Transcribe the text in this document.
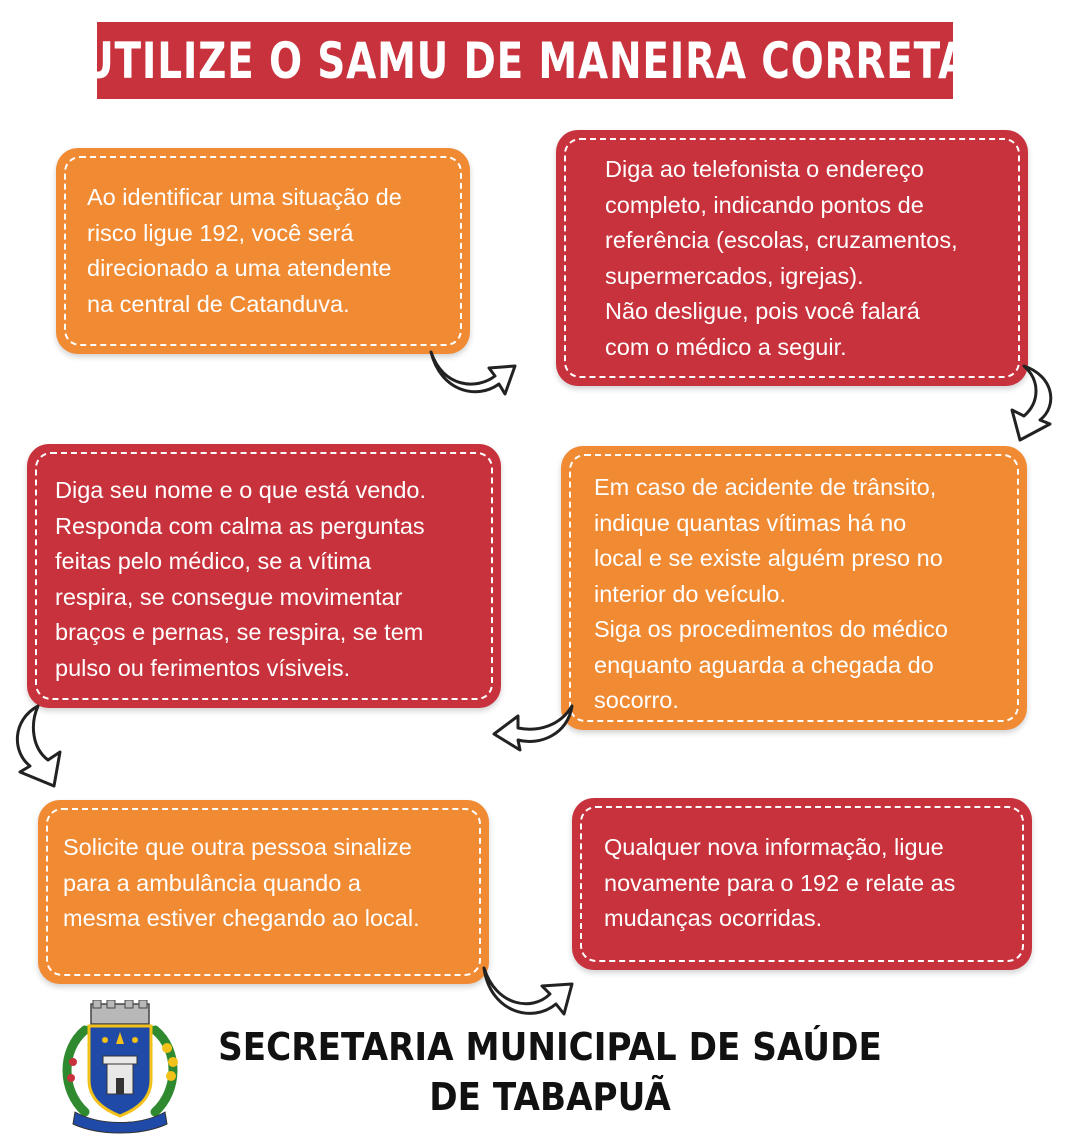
UTILIZE O SAMU DE MANEIRA CORRETA

Ao identificar uma situação de
risco ligue 192, você será
direcionado a uma atendente
na central de Catanduva.

Diga ao telefonista o endereço
completo, indicando pontos de
referência (escolas, cruzamentos,
supermercados, igrejas).
Não desligue, pois você falará
com o médico a seguir.

Diga seu nome e o que está vendo.
Responda com calma as perguntas
feitas pelo médico, se a vítima
respira, se consegue movimentar
braços e pernas, se respira, se tem
pulso ou ferimentos vísiveis.

Em caso de acidente de trânsito,
indique quantas vítimas há no
local e se existe alguém preso no
interior do veículo.
Siga os procedimentos do médico
enquanto aguarda a chegada do
socorro.

Solicite que outra pessoa sinalize
para a ambulância quando a
mesma estiver chegando ao local.

Qualquer nova informação, ligue
novamente para o 192 e relate as
mudanças ocorridas.

SECRETARIA MUNICIPAL DE SAÚDE
DE TABAPUÃ
